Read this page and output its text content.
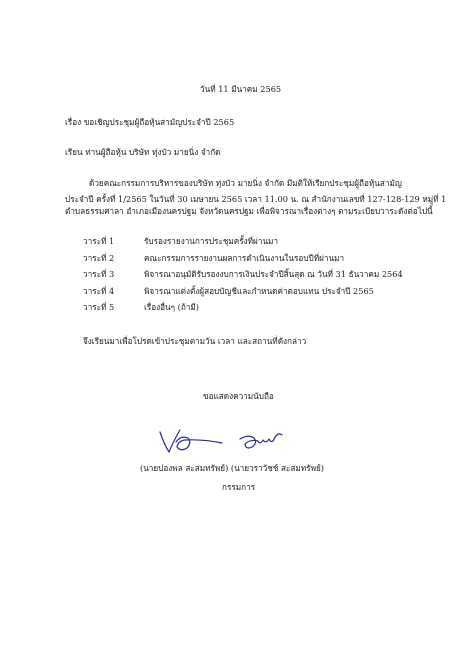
วันที่ 11 มีนาคม 2565
เรื่อง ขอเชิญประชุมผู้ถือหุ้นสามัญประจำปี 2565
เรียน ท่านผู้ถือหุ้น บริษัท ทุ่งบัว มายนิ่ง จำกัด
ด้วยคณะกรรมการบริหารของบริษัท ทุ่งบัว มายนิ่ง จำกัด มีมติให้เรียกประชุมผู้ถือหุ้นสามัญ
ประจำปี ครั้งที่ 1/2565 ในวันที่ 30 เมษายน 2565 เวลา 11.00 น. ณ สำนักงานเลขที่ 127-128-129 หมู่ที่ 1
ตำบลธรรมศาลา อำเภอเมืองนครปฐม จังหวัดนครปฐม เพื่อพิจารณาเรื่องต่างๆ ตามระเบียบวาระดังต่อไปนี้
วาระที่ 1	รับรองรายงานการประชุมครั้งที่ผ่านมา
วาระที่ 2	คณะกรรมการรายงานผลการดำเนินงานในรอบปีที่ผ่านมา
วาระที่ 3	พิจารณาอนุมัติรับรองงบการเงินประจำปีสิ้นสุด ณ วันที่ 31 ธันวาคม 2564
วาระที่ 4	พิจารณาแต่งตั้งผู้สอบบัญชีและกำหนดค่าตอบแทน ประจำปี 2565
วาระที่ 5	เรื่องอื่นๆ (ถ้ามี)
จึงเรียนมาเพื่อโปรดเข้าประชุมตามวัน เวลา และสถานที่ดังกล่าว
ขอแสดงความนับถือ
(นายปองพล สะสมทรัพย์) (นายวราวัชช์ สะสมทรัพย์)
กรรมการ
